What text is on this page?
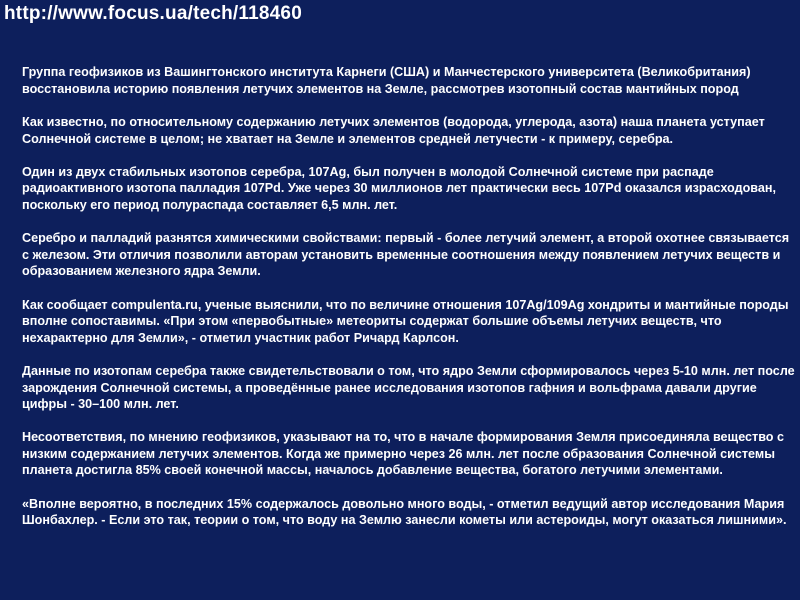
http://www.focus.ua/tech/118460
Группа геофизиков из Вашингтонского института Карнеги (США) и Манчестерского университета (Великобритания) восстановила историю появления летучих элементов на Земле, рассмотрев изотопный состав мантийных пород

Как известно, по относительному содержанию летучих элементов (водорода, углерода, азота) наша планета уступает Солнечной системе в целом; не хватает на Земле и элементов средней летучести - к примеру, серебра.

Один из двух стабильных изотопов серебра, 107Ag, был получен в молодой Солнечной системе при распаде радиоактивного изотопа палладия 107Pd. Уже через 30 миллионов лет практически весь 107Pd оказался израсходован, поскольку его период полураспада составляет 6,5 млн. лет.

Серебро и палладий разнятся химическими свойствами: первый - более летучий элемент, а второй охотнее связывается с железом. Эти отличия позволили авторам установить временные соотношения между появлением летучих веществ и образованием железного ядра Земли.

Как сообщает compulenta.ru, ученые выяснили, что по величине отношения 107Ag/109Ag хондриты и мантийные породы вполне сопоставимы. «При этом «первобытные» метеориты содержат большие объемы летучих веществ, что нехарактерно для Земли», - отметил участник работ Ричард Карлсон.

Данные по изотопам серебра также свидетельствовали о том, что ядро Земли сформировалось через 5-10 млн. лет после зарождения Солнечной системы, а проведённые ранее исследования изотопов гафния и вольфрама давали другие цифры - 30–100 млн. лет.

Несоответствия, по мнению геофизиков, указывают на то, что в начале формирования Земля присоединяла вещество с низким содержанием летучих элементов. Когда же примерно через 26 млн. лет после образования Солнечной системы планета достигла 85% своей конечной массы, началось добавление вещества, богатого летучими элементами.

«Вполне вероятно, в последних 15% содержалось довольно много воды, - отметил ведущий автор исследования Мария Шонбахлер. - Если это так, теории о том, что воду на Землю занесли кометы или астероиды, могут оказаться лишними».
